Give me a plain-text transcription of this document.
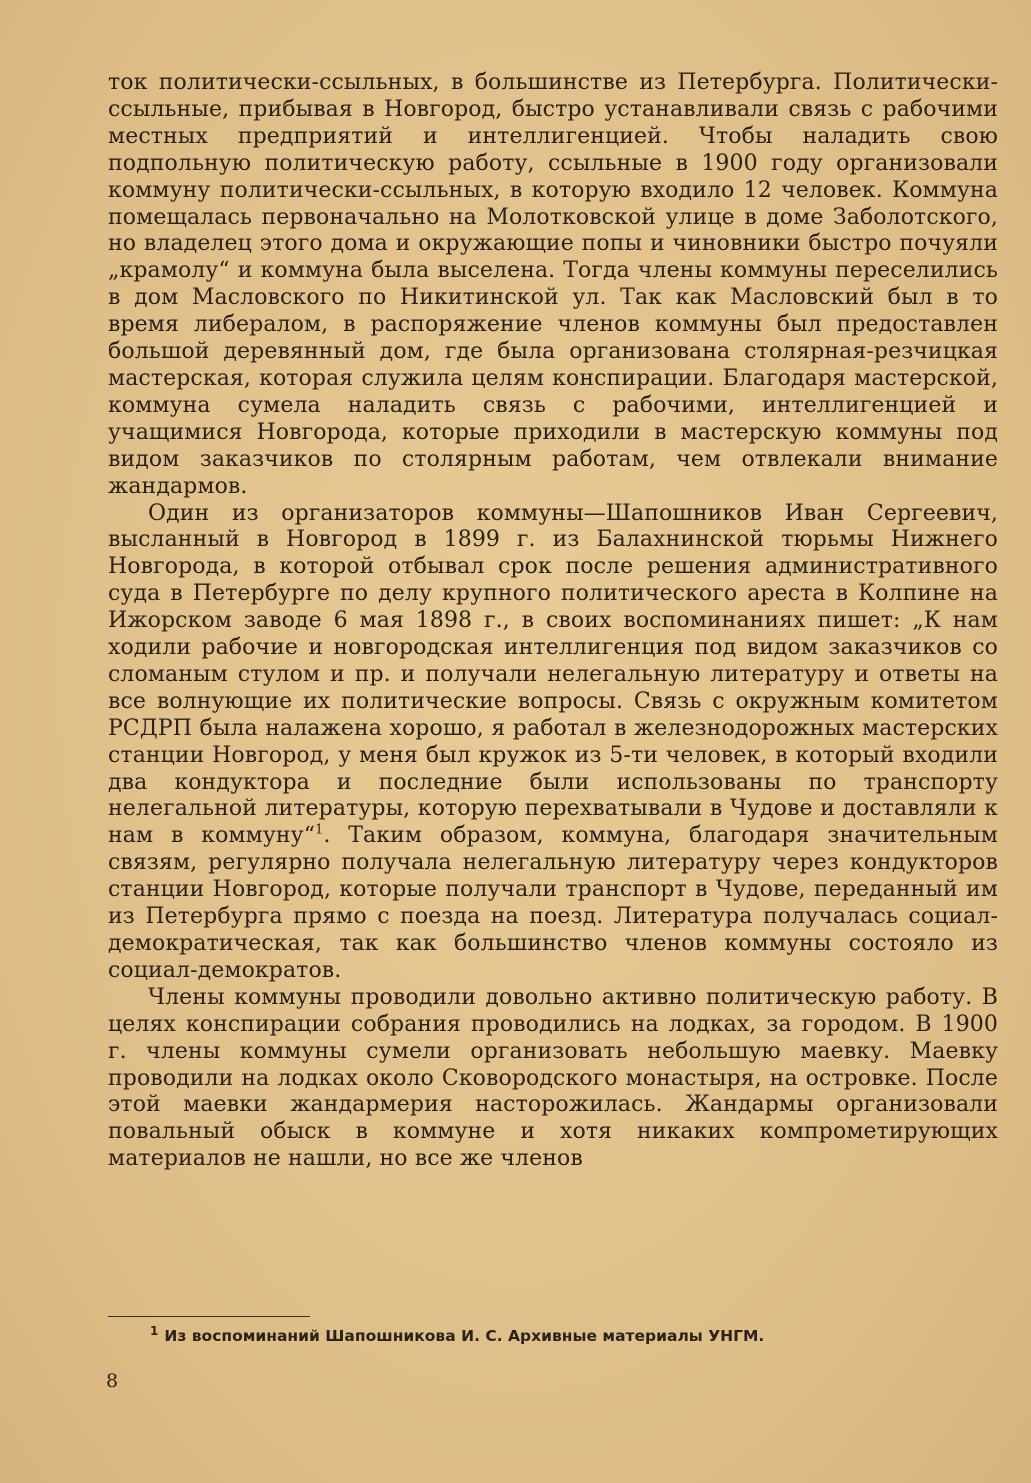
ток политически-ссыльных, в большинстве из Петербурга. Политически-ссыльные, прибывая в Новгород, быстро устанавливали связь с рабочими местных предприятий и интеллигенцией. Чтобы наладить свою подпольную политическую работу, ссыльные в 1900 году организовали коммуну политически-ссыльных, в которую входило 12 человек. Коммуна помещалась первоначально на Молотковской улице в доме Заболотского, но владелец этого дома и окружающие попы и чиновники быстро почуяли „крамолу“ и коммуна была выселена. Тогда члены коммуны переселились в дом Масловского по Никитинской ул. Так как Масловский был в то время либералом, в распоряжение членов коммуны был предоставлен большой деревянный дом, где была организована столярная-резчицкая мастерская, которая служила целям конспирации. Благодаря мастерской, коммуна сумела наладить связь с рабочими, интеллигенцией и учащимися Новгорода, которые приходили в мастерскую коммуны под видом заказчиков по столярным работам, чем отвлекали внимание жандармов.

Один из организаторов коммуны—Шапошников Иван Сергеевич, высланный в Новгород в 1899 г. из Балахнинской тюрьмы Нижнего Новгорода, в которой отбывал срок после решения административного суда в Петербурге по делу крупного политического ареста в Колпине на Ижорском заводе 6 мая 1898 г., в своих воспоминаниях пишет: „К нам ходили рабочие и новгородская интеллигенция под видом заказчиков со сломаным стулом и пр. и получали нелегальную литературу и ответы на все волнующие их политические вопросы. Связь с окружным комитетом РСДРП была налажена хорошо, я работал в железнодорожных мастерских станции Новгород, у меня был кружок из 5-ти человек, в который входили два кондуктора и последние были использованы по транспорту нелегальной литературы, которую перехватывали в Чудове и доставляли к нам в коммуну“$^1$. Таким образом, коммуна, благодаря значительным связям, регулярно получала нелегальную литературу через кондукторов станции Новгород, которые получали транспорт в Чудове, переданный им из Петербурга прямо с поезда на поезд. Литература получалась социал-демократическая, так как большинство членов коммуны состояло из социал-демократов.

Члены коммуны проводили довольно активно политическую работу. В целях конспирации собрания проводились на лодках, за городом. В 1900 г. члены коммуны сумели организовать небольшую маевку. Маевку проводили на лодках около Сковородского монастыря, на островке. После этой маевки жандармерия насторожилась. Жандармы организовали повальный обыск в коммуне и хотя никаких компрометирующих материалов не нашли, но все же членов

$^1$ Из воспоминаний Шапошникова И. С. Архивные материалы УНГМ.
8
